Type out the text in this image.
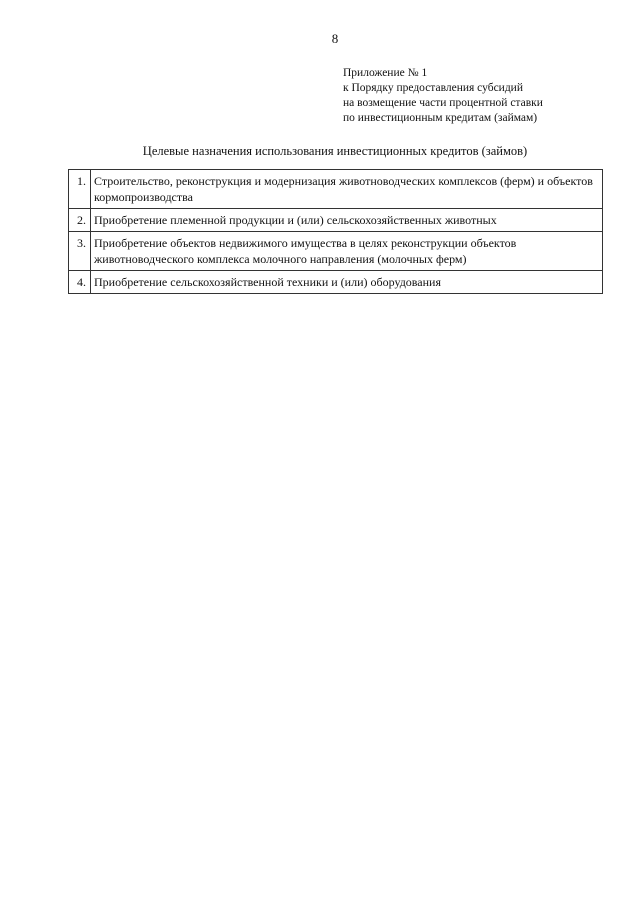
8
Приложение № 1
к Порядку предоставления субсидий
на возмещение части процентной ставки
по инвестиционным кредитам (займам)
Целевые назначения использования инвестиционных кредитов (займов)
1.	Строительство, реконструкция и модернизация животноводческих комплексов (ферм) и объектов кормопроизводства
2.	Приобретение племенной продукции и (или) сельскохозяйственных животных
3.	Приобретение объектов недвижимого имущества в целях реконструкции объектов животноводческого комплекса молочного направления (молочных ферм)
4.	Приобретение сельскохозяйственной техники и (или) оборудования
